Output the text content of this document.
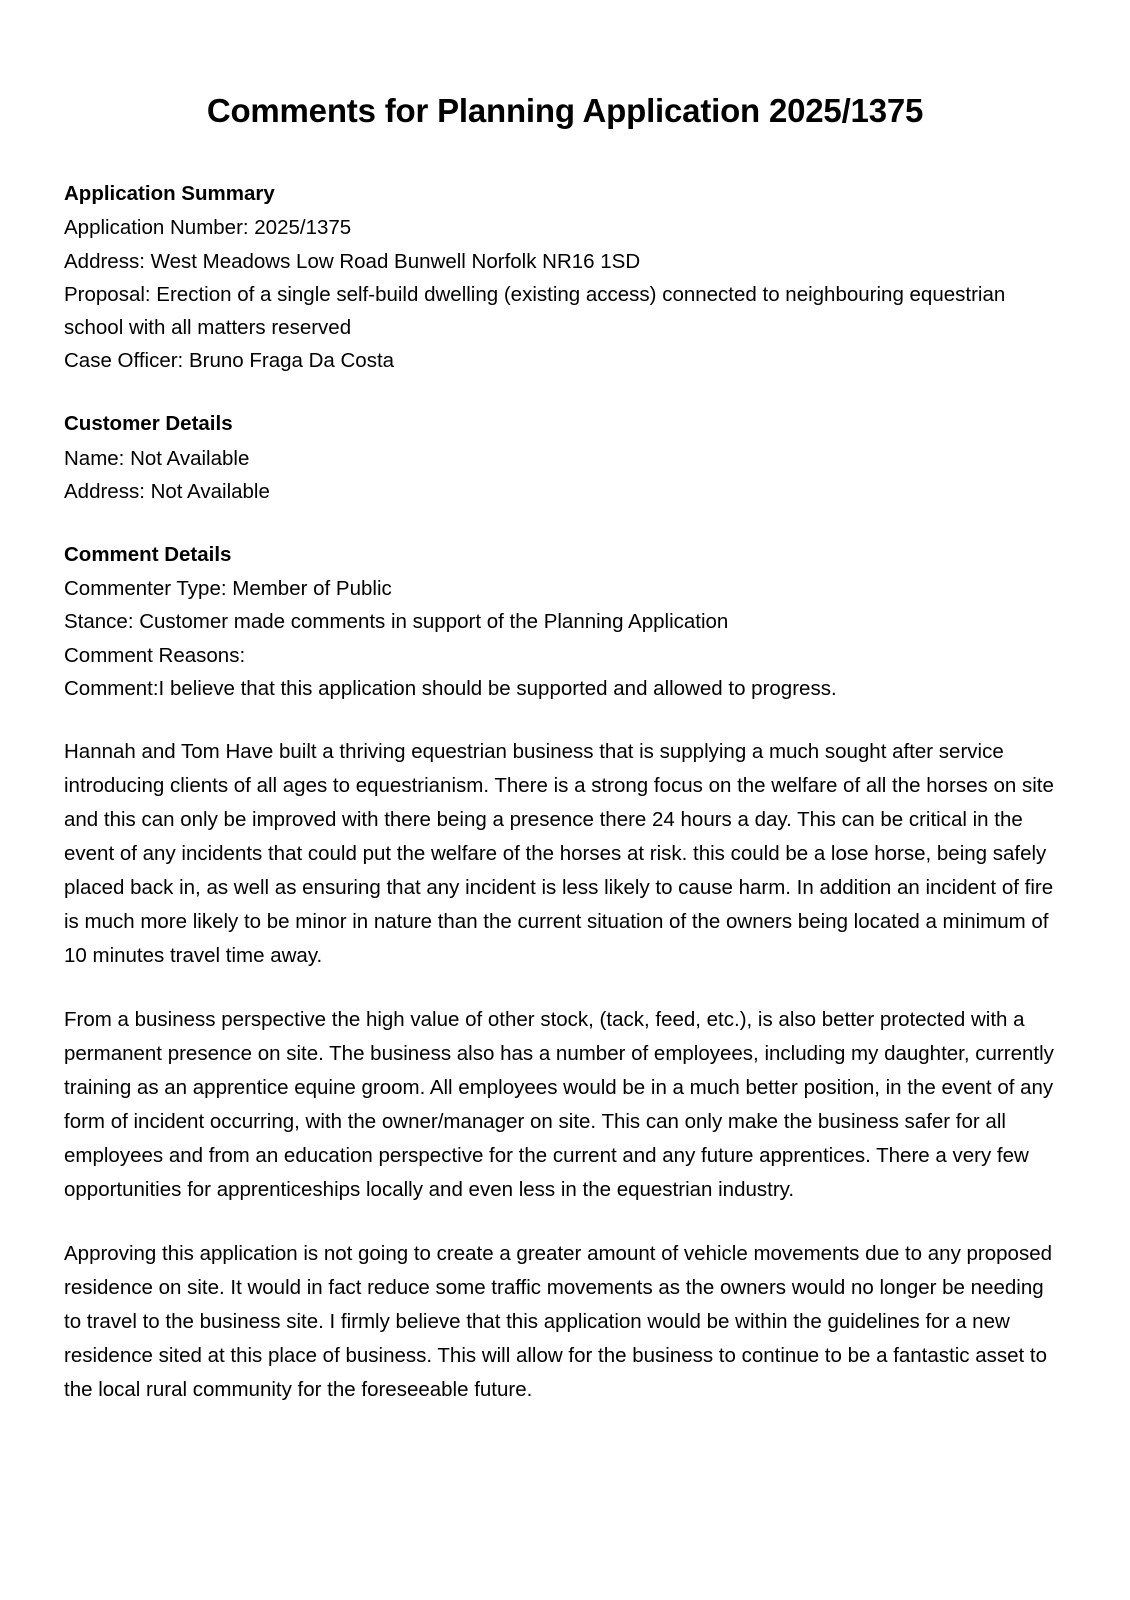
Comments for Planning Application 2025/1375
Application Summary

Application Number: 2025/1375

Address: West Meadows Low Road Bunwell Norfolk NR16 1SD

Proposal: Erection of a single self-build dwelling (existing access) connected to neighbouring equestrian school with all matters reserved

Case Officer: Bruno Fraga Da Costa

Customer Details

Name: Not Available

Address: Not Available

Comment Details

Commenter Type: Member of Public

Stance: Customer made comments in support of the Planning Application

Comment Reasons:

Comment:I believe that this application should be supported and allowed to progress.

Hannah and Tom Have built a thriving equestrian business that is supplying a much sought after service introducing clients of all ages to equestrianism. There is a strong focus on the welfare of all the horses on site and this can only be improved with there being a presence there 24 hours a day. This can be critical in the event of any incidents that could put the welfare of the horses at risk. this could be a lose horse, being safely placed back in, as well as ensuring that any incident is less likely to cause harm. In addition an incident of fire is much more likely to be minor in nature than the current situation of the owners being located a minimum of 10 minutes travel time away.

From a business perspective the high value of other stock, (tack, feed, etc.), is also better protected with a permanent presence on site. The business also has a number of employees, including my daughter, currently training as an apprentice equine groom. All employees would be in a much better position, in the event of any form of incident occurring, with the owner/manager on site. This can only make the business safer for all employees and from an education perspective for the current and any future apprentices. There a very few opportunities for apprenticeships locally and even less in the equestrian industry.

Approving this application is not going to create a greater amount of vehicle movements due to any proposed residence on site. It would in fact reduce some traffic movements as the owners would no longer be needing to travel to the business site. I firmly believe that this application would be within the guidelines for a new residence sited at this place of business. This will allow for the business to continue to be a fantastic asset to the local rural community for the foreseeable future.
